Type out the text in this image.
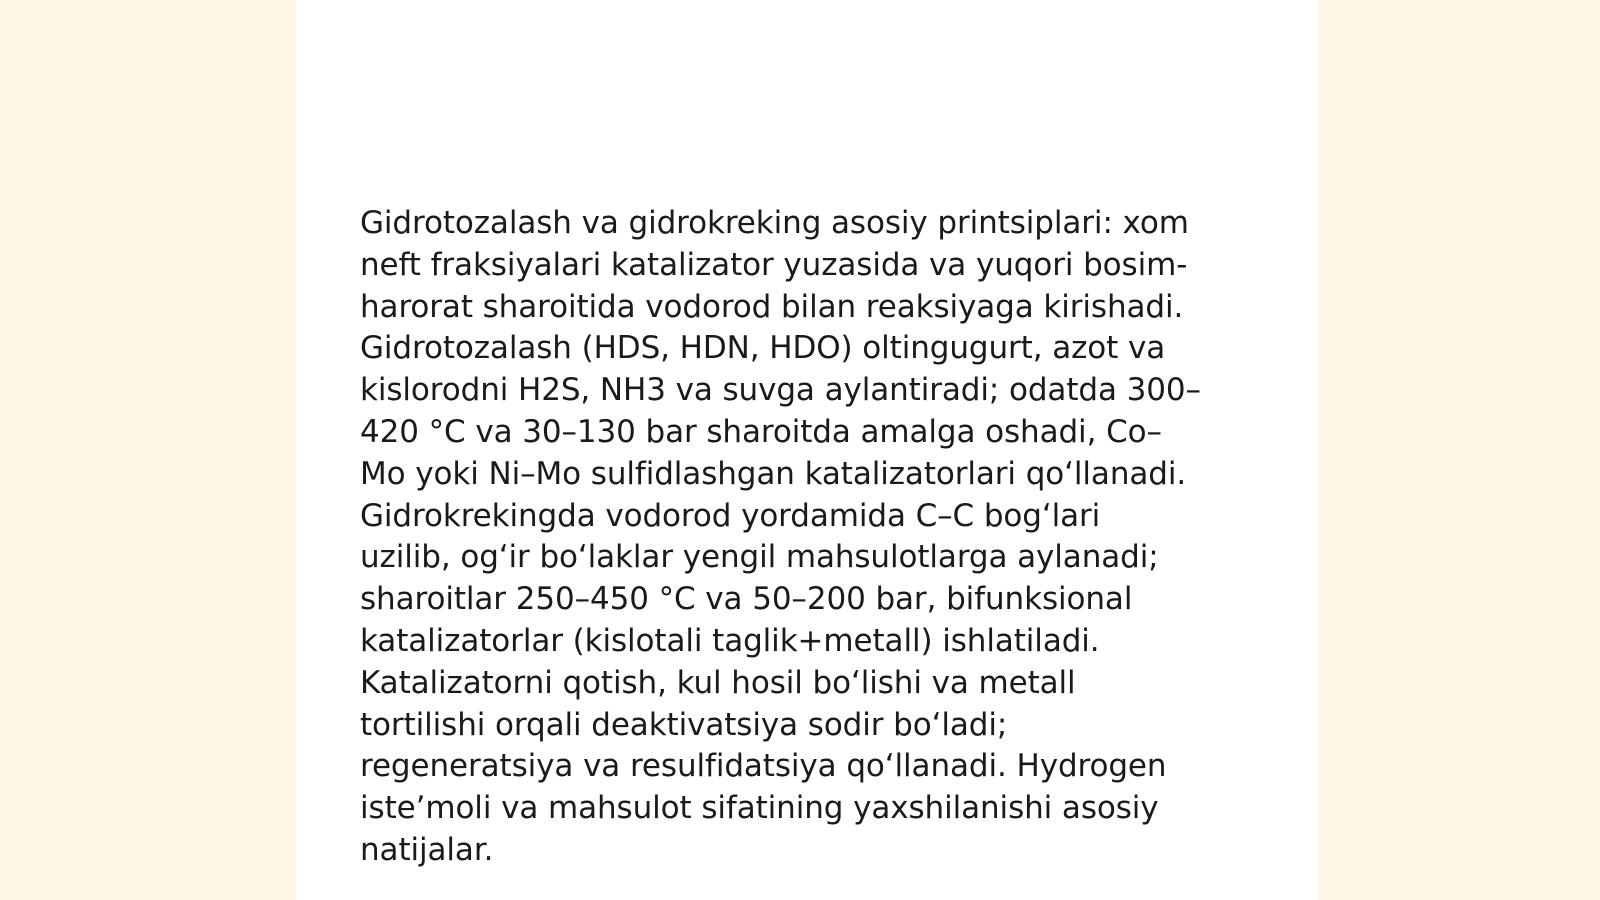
Gidrotozalash va gidrokreking asosiy printsiplari: xom
neft fraksiyalari katalizator yuzasida va yuqori bosim-
harorat sharoitida vodorod bilan reaksiyaga kirishadi.
Gidrotozalash (HDS, HDN, HDO) oltingugurt, azot va
kislorodni H2S, NH3 va suvga aylantiradi; odatda 300–
420 °C va 30–130 bar sharoitda amalga oshadi, Co–
Mo yoki Ni–Mo sulfidlashgan katalizatorlari qoʻllanadi.
Gidrokrekingda vodorod yordamida C–C bogʻlari
uzilib, ogʻir boʻlaklar yengil mahsulotlarga aylanadi;
sharoitlar 250–450 °C va 50–200 bar, bifunksional
katalizatorlar (kislotali taglik+metall) ishlatiladi.
Katalizatorni qotish, kul hosil boʻlishi va metall
tortilishi orqali deaktivatsiya sodir boʻladi;
regeneratsiya va resulfidatsiya qoʻllanadi. Hydrogen
iste’moli va mahsulot sifatining yaxshilanishi asosiy
natijalar.
